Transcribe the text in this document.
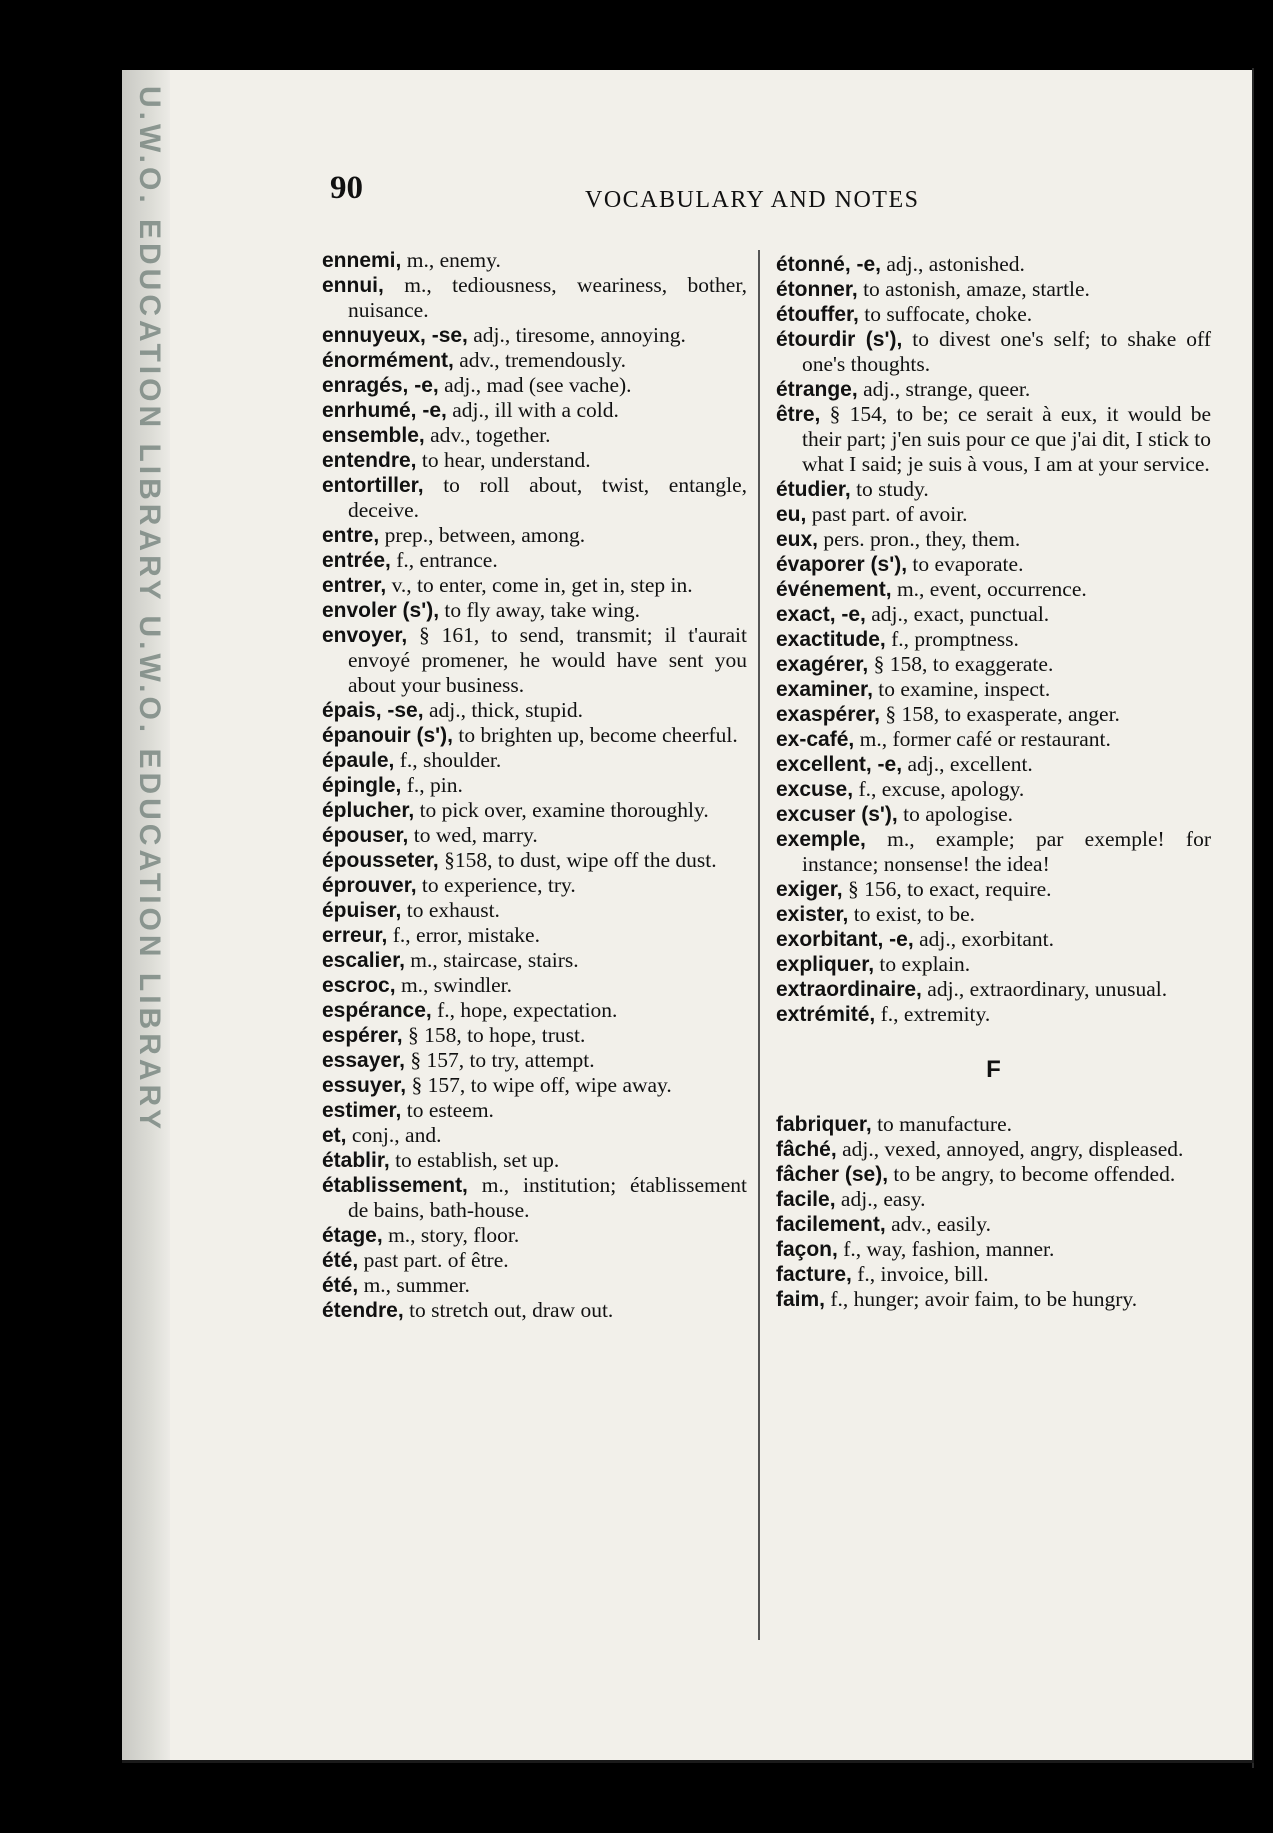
U.W.O. EDUCATION LIBRARY U.W.O. EDUCATION LIBRARY	90	VOCABULARY AND NOTES

ennemi, m., enemy.

ennui, m., tediousness, weariness, bother, nuisance.

ennuyeux, -se, adj., tiresome, annoying.

énormément, adv., tremendously.

enragés, -e, adj., mad (see vache).

enrhumé, -e, adj., ill with a cold.

ensemble, adv., together.

entendre, to hear, understand.

entortiller, to roll about, twist, entangle, deceive.

entre, prep., between, among.

entrée, f., entrance.

entrer, v., to enter, come in, get in, step in.

envoler (s'), to fly away, take wing.

envoyer, § 161, to send, transmit; il t'aurait envoyé promener, he would have sent you about your business.

épais, -se, adj., thick, stupid.

épanouir (s'), to brighten up, become cheerful.

épaule, f., shoulder.

épingle, f., pin.

éplucher, to pick over, examine thoroughly.

épouser, to wed, marry.

épousseter, §158, to dust, wipe off the dust.

éprouver, to experience, try.

épuiser, to exhaust.

erreur, f., error, mistake.

escalier, m., staircase, stairs.

escroc, m., swindler.

espérance, f., hope, expectation.

espérer, § 158, to hope, trust.

essayer, § 157, to try, attempt.

essuyer, § 157, to wipe off, wipe away.

estimer, to esteem.

et, conj., and.

établir, to establish, set up.

établissement, m., institution; établissement de bains, bath-house.

étage, m., story, floor.

été, past part. of être.

été, m., summer.

étendre, to stretch out, draw out.

étonné, -e, adj., astonished.

étonner, to astonish, amaze, startle.

étouffer, to suffocate, choke.

étourdir (s'), to divest one's self; to shake off one's thoughts.

étrange, adj., strange, queer.

être, § 154, to be; ce serait à eux, it would be their part; j'en suis pour ce que j'ai dit, I stick to what I said; je suis à vous, I am at your service.

étudier, to study.

eu, past part. of avoir.

eux, pers. pron., they, them.

évaporer (s'), to evaporate.

événement, m., event, occurrence.

exact, -e, adj., exact, punctual.

exactitude, f., promptness.

exagérer, § 158, to exaggerate.

examiner, to examine, inspect.

exaspérer, § 158, to exasperate, anger.

ex-café, m., former café or restaurant.

excellent, -e, adj., excellent.

excuse, f., excuse, apology.

excuser (s'), to apologise.

exemple, m., example; par exemple! for instance; nonsense! the idea!

exiger, § 156, to exact, require.

exister, to exist, to be.

exorbitant, -e, adj., exorbitant.

expliquer, to explain.

extraordinaire, adj., extraordinary, unusual.

extrémité, f., extremity.

F

fabriquer, to manufacture.

fâché, adj., vexed, annoyed, angry, displeased.

fâcher (se), to be angry, to become offended.

facile, adj., easy.

facilement, adv., easily.

façon, f., way, fashion, manner.

facture, f., invoice, bill.

faim, f., hunger; avoir faim, to be hungry.
